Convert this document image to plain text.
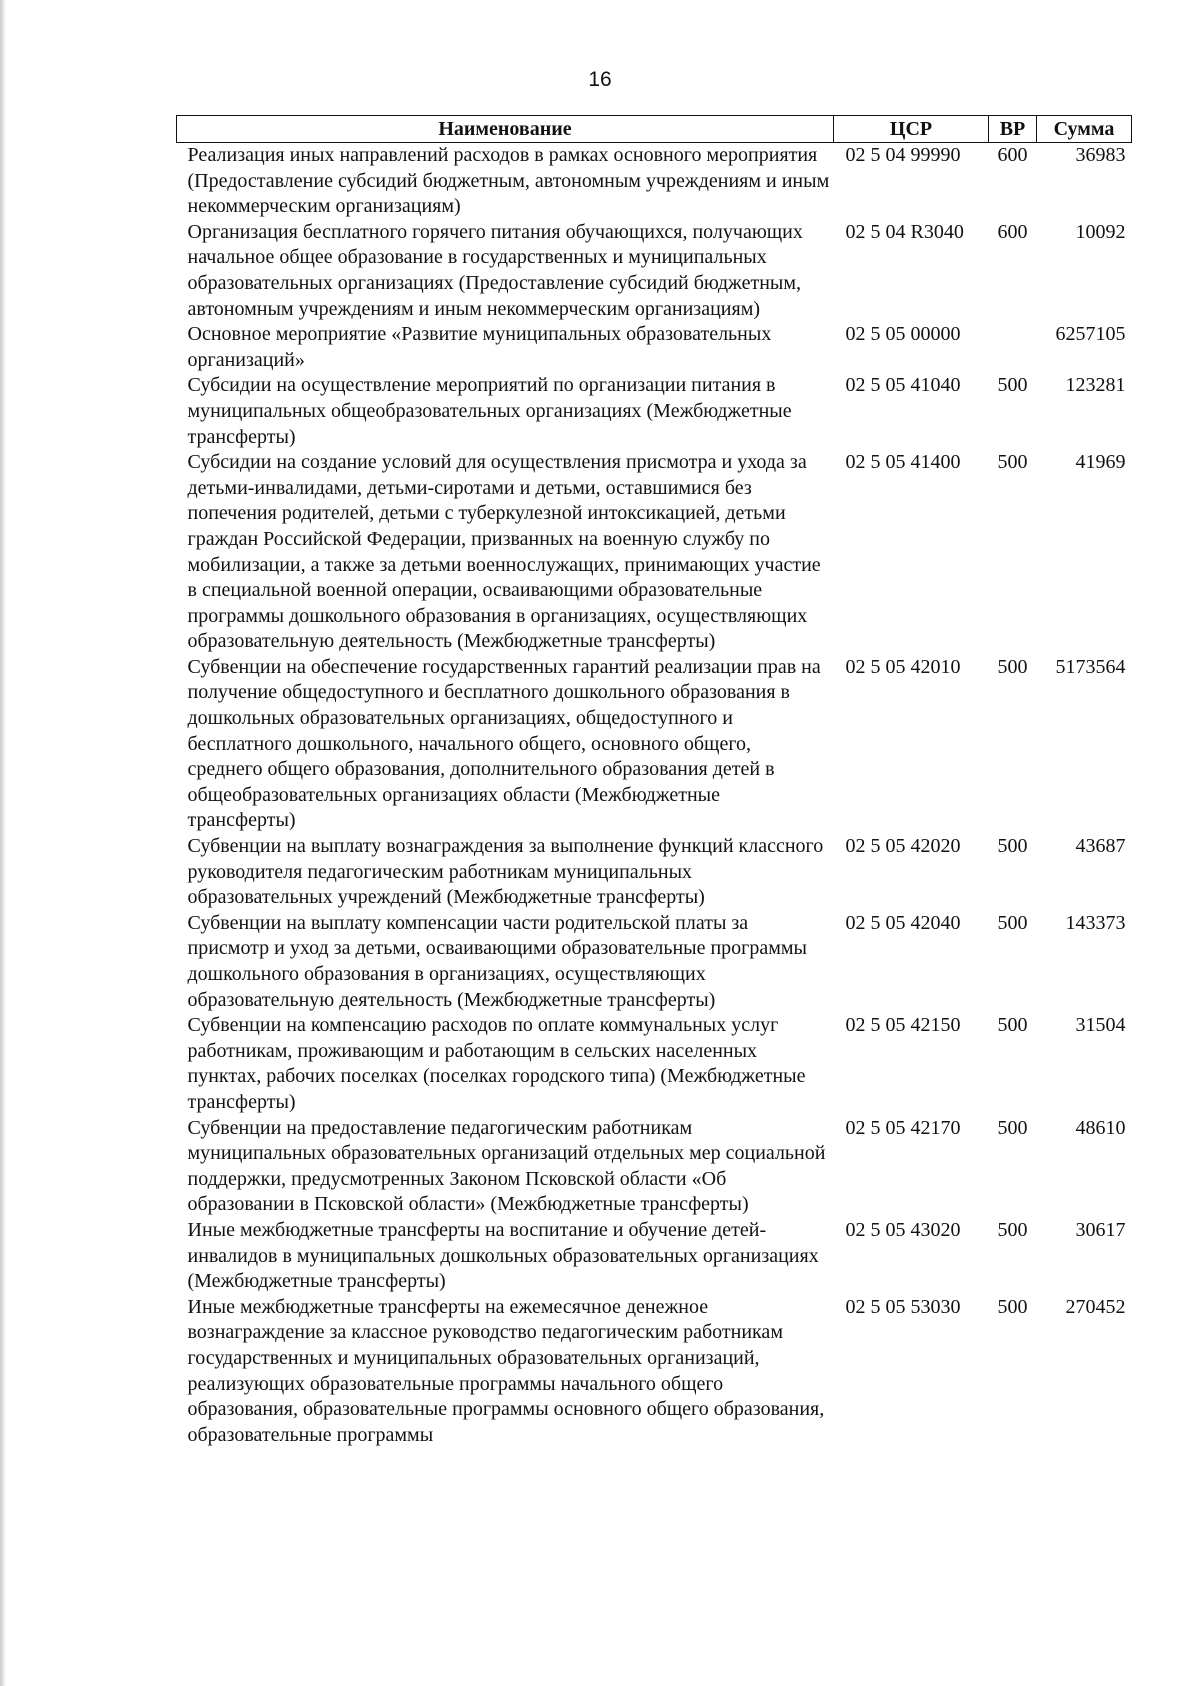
16
Наименование	ЦСР	ВР	Сумма
Реализация иных направлений расходов в рамках основного мероприятия (Предоставление субсидий бюджетным, автономным учреждениям и иным некоммерческим организациям)	02 5 04 99990	600	36983
Организация бесплатного горячего питания обучающихся, получающих начальное общее образование в государственных и муниципальных образовательных организациях (Предоставление субсидий бюджетным, автономным учреждениям и иным некоммерческим организациям)	02 5 04 R3040	600	10092
Основное мероприятие «Развитие муниципальных образовательных организаций»	02 5 05 00000		6257105
Субсидии на осуществление мероприятий по организации питания в муниципальных общеобразовательных организациях (Межбюджетные трансферты)	02 5 05 41040	500	123281
Субсидии на создание условий для осуществления присмотра и ухода за детьми-инвалидами, детьми-сиротами и детьми, оставшимися без попечения родителей, детьми с туберкулезной интоксикацией, детьми граждан Российской Федерации, призванных на военную службу по мобилизации, а также за детьми военнослужащих, принимающих участие в специальной военной операции, осваивающими образовательные программы дошкольного образования в организациях, осуществляющих образовательную деятельность (Межбюджетные трансферты)	02 5 05 41400	500	41969
Субвенции на обеспечение государственных гарантий реализации прав на получение общедоступного и бесплатного дошкольного образования в дошкольных образовательных организациях, общедоступного и бесплатного дошкольного, начального общего, основного общего, среднего общего образования, дополнительного образования детей в общеобразовательных организациях области (Межбюджетные трансферты)	02 5 05 42010	500	5173564
Субвенции на выплату вознаграждения за выполнение функций классного руководителя педагогическим работникам муниципальных образовательных учреждений (Межбюджетные трансферты)	02 5 05 42020	500	43687
Субвенции на выплату компенсации части родительской платы за присмотр и уход за детьми, осваивающими образовательные программы дошкольного образования в организациях, осуществляющих образовательную деятельность (Межбюджетные трансферты)	02 5 05 42040	500	143373
Субвенции на компенсацию расходов по оплате коммунальных услуг работникам, проживающим и работающим в сельских населенных пунктах, рабочих поселках (поселках городского типа) (Межбюджетные трансферты)	02 5 05 42150	500	31504
Субвенции на предоставление педагогическим работникам муниципальных образовательных организаций отдельных мер социальной поддержки, предусмотренных Законом Псковской области «Об образовании в Псковской области» (Межбюджетные трансферты)	02 5 05 42170	500	48610
Иные межбюджетные трансферты на воспитание и обучение детей-инвалидов в муниципальных дошкольных образовательных организациях (Межбюджетные трансферты)	02 5 05 43020	500	30617
Иные межбюджетные трансферты на ежемесячное денежное вознаграждение за классное руководство педагогическим работникам государственных и муниципальных образовательных организаций, реализующих образовательные программы начального общего образования, образовательные программы основного общего образования, образовательные программы	02 5 05 53030	500	270452
